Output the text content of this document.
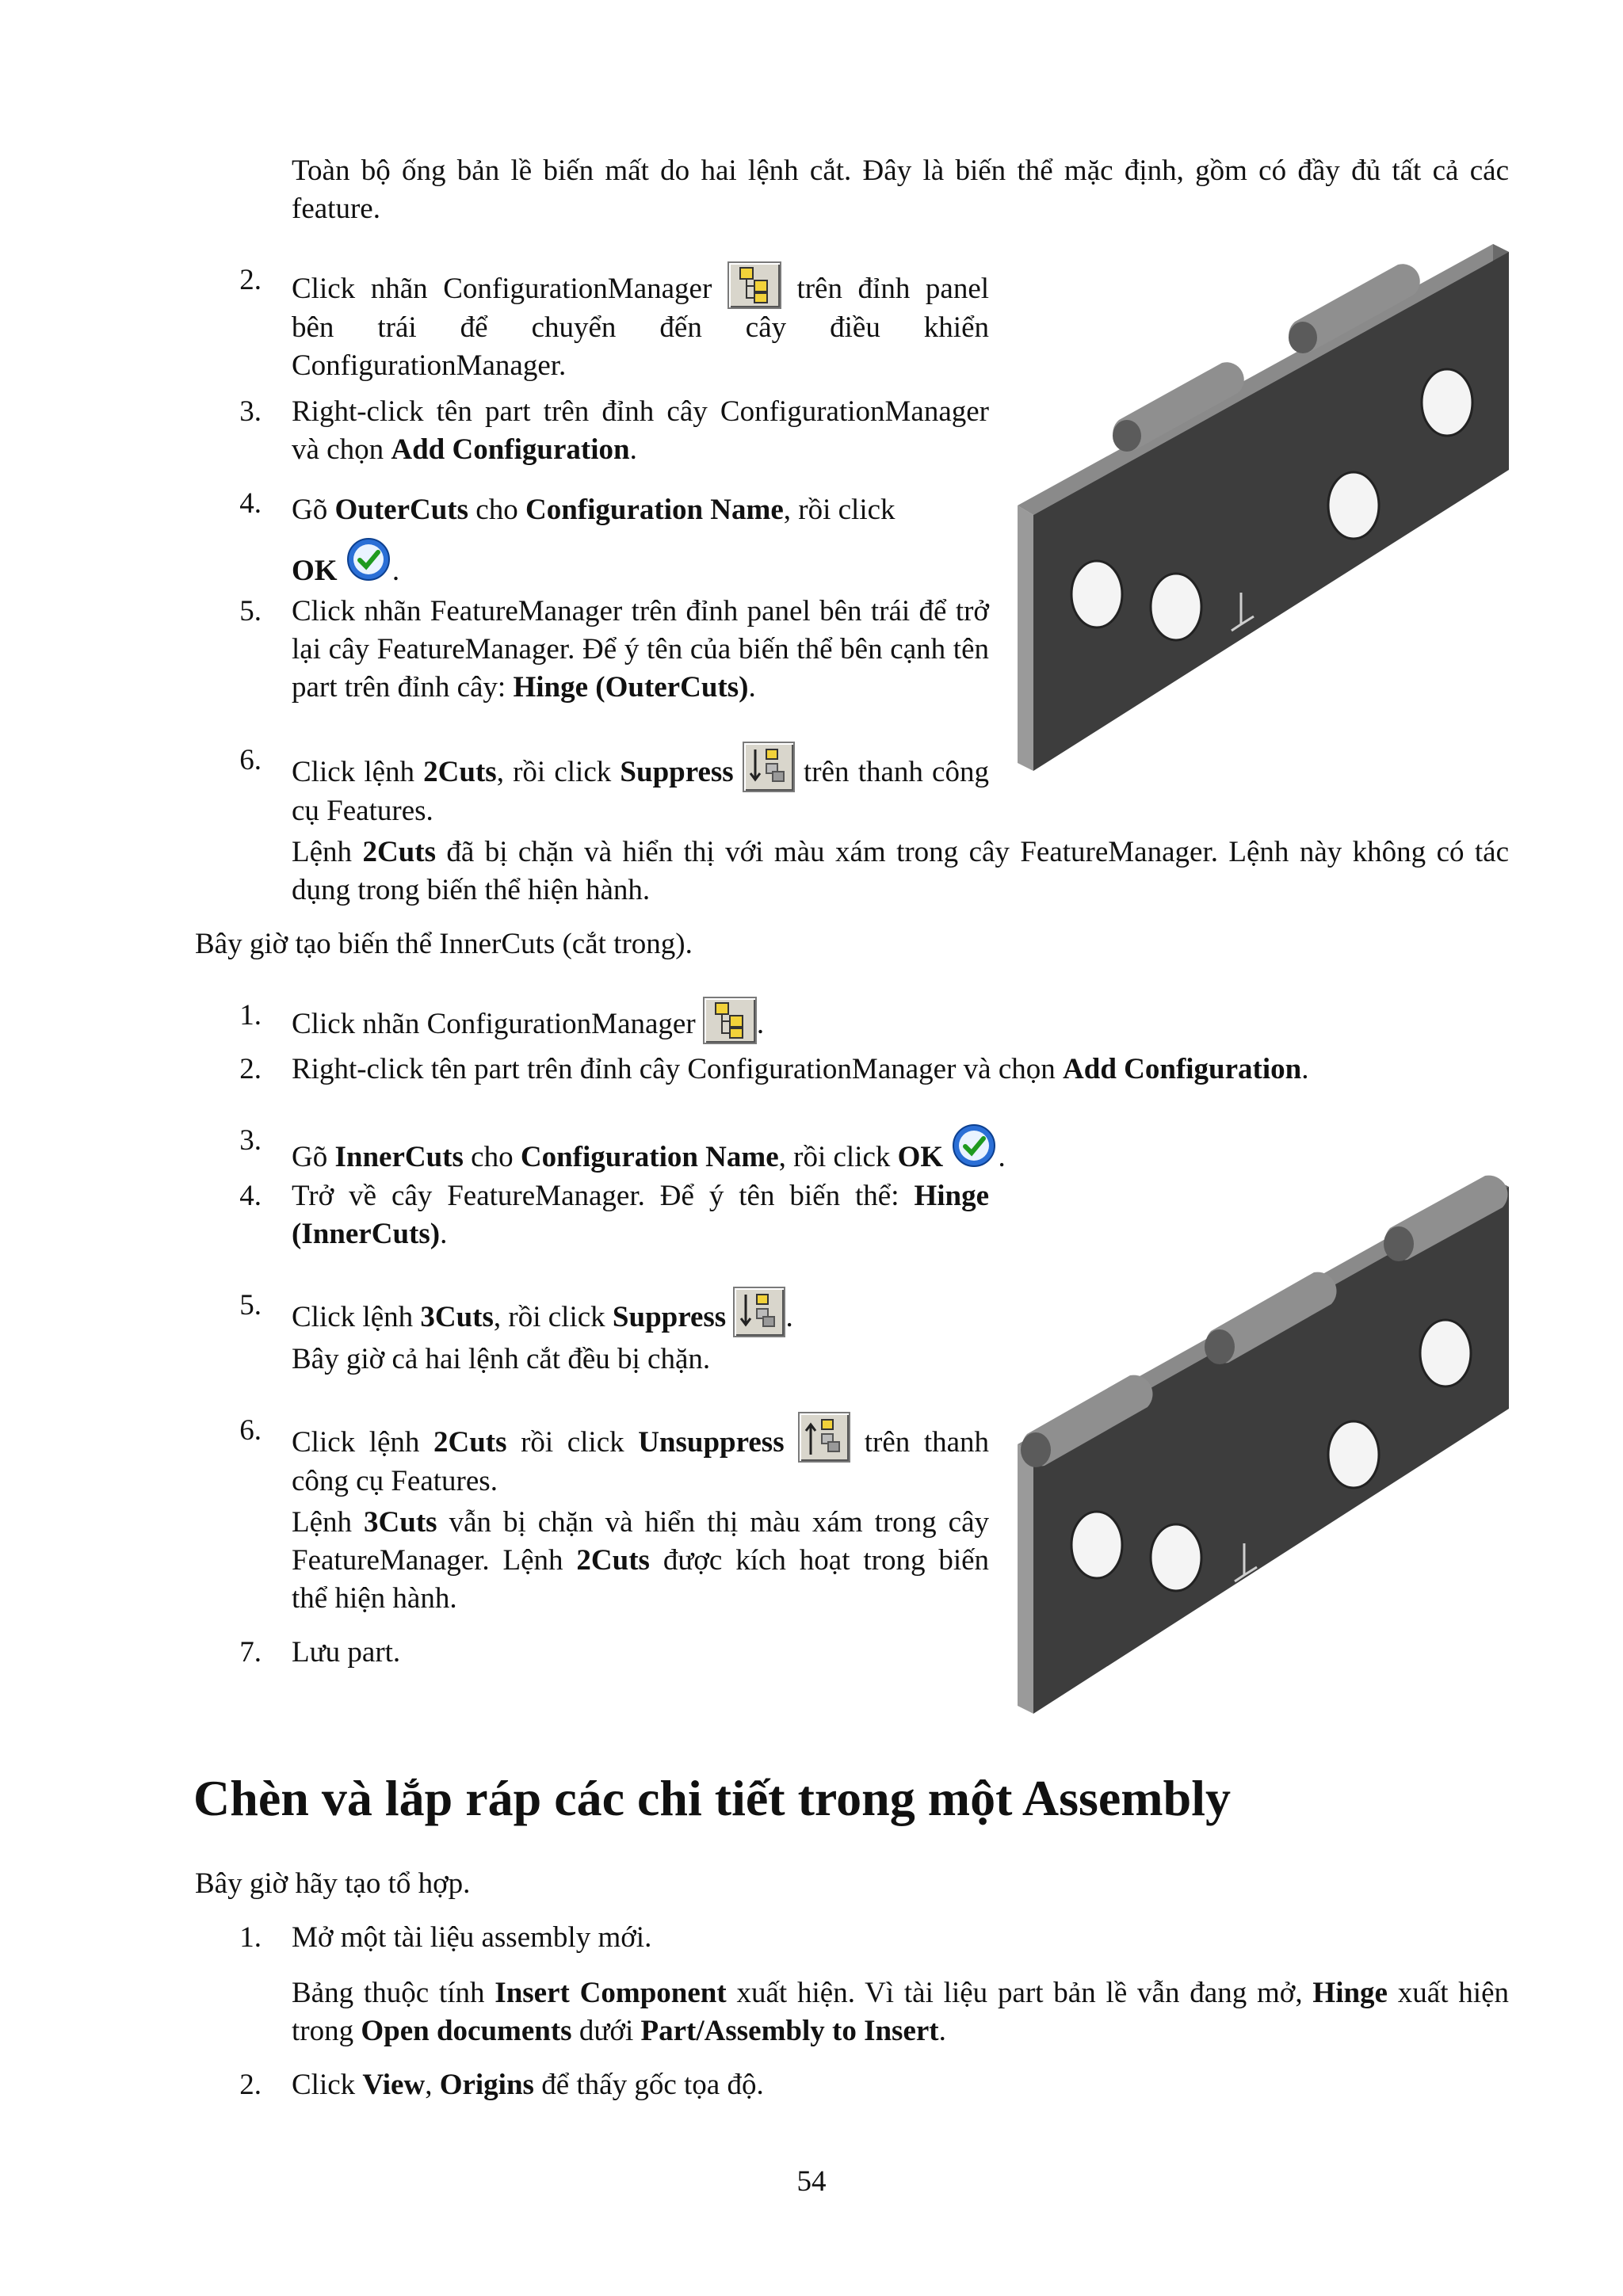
Toàn bộ ống bản lề biến mất do hai lệnh cắt. Đây là biến thể mặc định, gồm có đầy đủ tất cả các feature.
2. Click nhãn ConfigurationManager	trên đỉnh panel bên trái để chuyển đến cây điều khiển ConfigurationManager.
3. Right-click tên part trên đỉnh cây ConfigurationManager và chọn Add Configuration.
4. Gõ OuterCuts cho Configuration Name, rồi click
OK .
5. Click nhãn FeatureManager trên đỉnh panel bên trái để trở lại cây FeatureManager. Để ý tên của biến thể bên cạnh tên part trên đỉnh cây: Hinge (OuterCuts).
6. Click lệnh 2Cuts, rồi click Suppress trên thanh công cụ Features.
Lệnh 2Cuts đã bị chặn và hiển thị với màu xám trong cây FeatureManager. Lệnh này không có tác dụng trong biến thể hiện hành.
Bây giờ tạo biến thể InnerCuts (cắt trong).
1. Click nhãn ConfigurationManager .
2. Right-click tên part trên đỉnh cây ConfigurationManager và chọn Add Configuration.
3.
Gõ InnerCuts cho Configuration Name, rồi click OK .
4. Trở về cây FeatureManager. Để ý tên biến thể: Hinge (InnerCuts).
5. Click lệnh 3Cuts, rồi click Suppress .
Bây giờ cả hai lệnh cắt đều bị chặn.
6. Click lệnh 2Cuts rồi click Unsuppress	trên thanh công cụ Features.
Lệnh 3Cuts vẫn bị chặn và hiển thị màu xám trong cây FeatureManager. Lệnh 2Cuts được kích hoạt trong biến thể hiện hành.
7. Lưu part.
Chèn và lắp ráp các chi tiết trong một Assembly
Bây giờ hãy tạo tổ hợp.
1. Mở một tài liệu assembly mới.
Bảng thuộc tính Insert Component xuất hiện. Vì tài liệu part bản lề vẫn đang mở, Hinge xuất hiện trong Open documents dưới Part/Assembly to Insert.
2. Click View, Origins để thấy gốc tọa độ.
54
